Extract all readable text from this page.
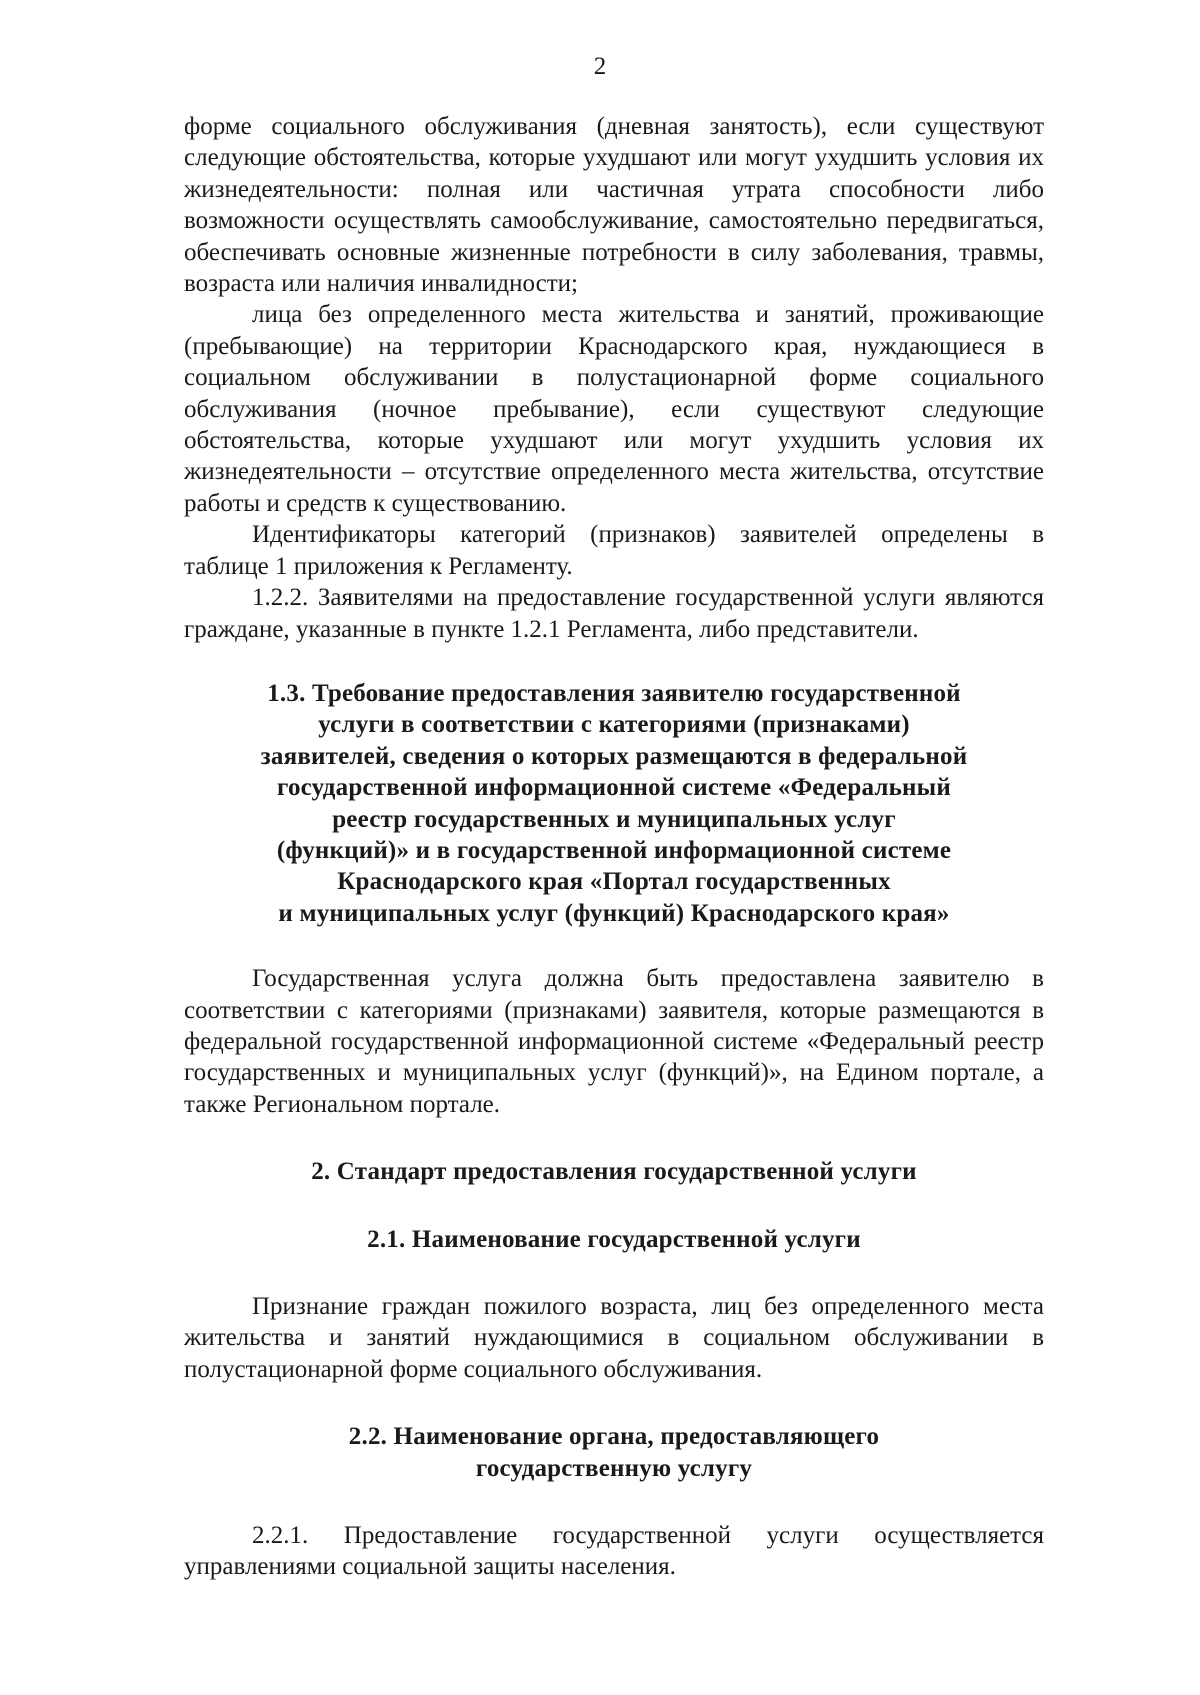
2

форме социального обслуживания (дневная занятость), если существуют следующие обстоятельства, которые ухудшают или могут ухудшить условия их жизнедеятельности: полная или частичная утрата способности либо возможности осуществлять самообслуживание, самостоятельно передвигаться, обеспечивать основные жизненные потребности в силу заболевания, травмы, возраста или наличия инвалидности;

лица без определенного места жительства и занятий, проживающие (пребывающие) на территории Краснодарского края, нуждающиеся в социальном обслуживании в полустационарной форме социального обслуживания (ночное пребывание), если существуют следующие обстоятельства, которые ухудшают или могут ухудшить условия их жизнедеятельности – отсутствие определенного места жительства, отсутствие работы и средств к существованию.

Идентификаторы категорий (признаков) заявителей определены в таблице 1 приложения к Регламенту.

1.2.2. Заявителями на предоставление государственной услуги являются граждане, указанные в пункте 1.2.1 Регламента, либо представители.

1.3. Требование предоставления заявителю государственной
услуги в соответствии с категориями (признаками)
заявителей, сведения о которых размещаются в федеральной
государственной информационной системе «Федеральный
реестр государственных и муниципальных услуг
(функций)» и в государственной информационной системе
Краснодарского края «Портал государственных
и муниципальных услуг (функций) Краснодарского края»

Государственная услуга должна быть предоставлена заявителю в соответствии с категориями (признаками) заявителя, которые размещаются в федеральной государственной информационной системе «Федеральный реестр государственных и муниципальных услуг (функций)», на Едином портале, а также Региональном портале.

2. Стандарт предоставления государственной услуги
2.1. Наименование государственной услуги

Признание граждан пожилого возраста, лиц без определенного места жительства и занятий нуждающимися в социальном обслуживании в полустационарной форме социального обслуживания.

2.2. Наименование органа, предоставляющего
государственную услугу

2.2.1. Предоставление государственной услуги осуществляется управлениями социальной защиты населения.
